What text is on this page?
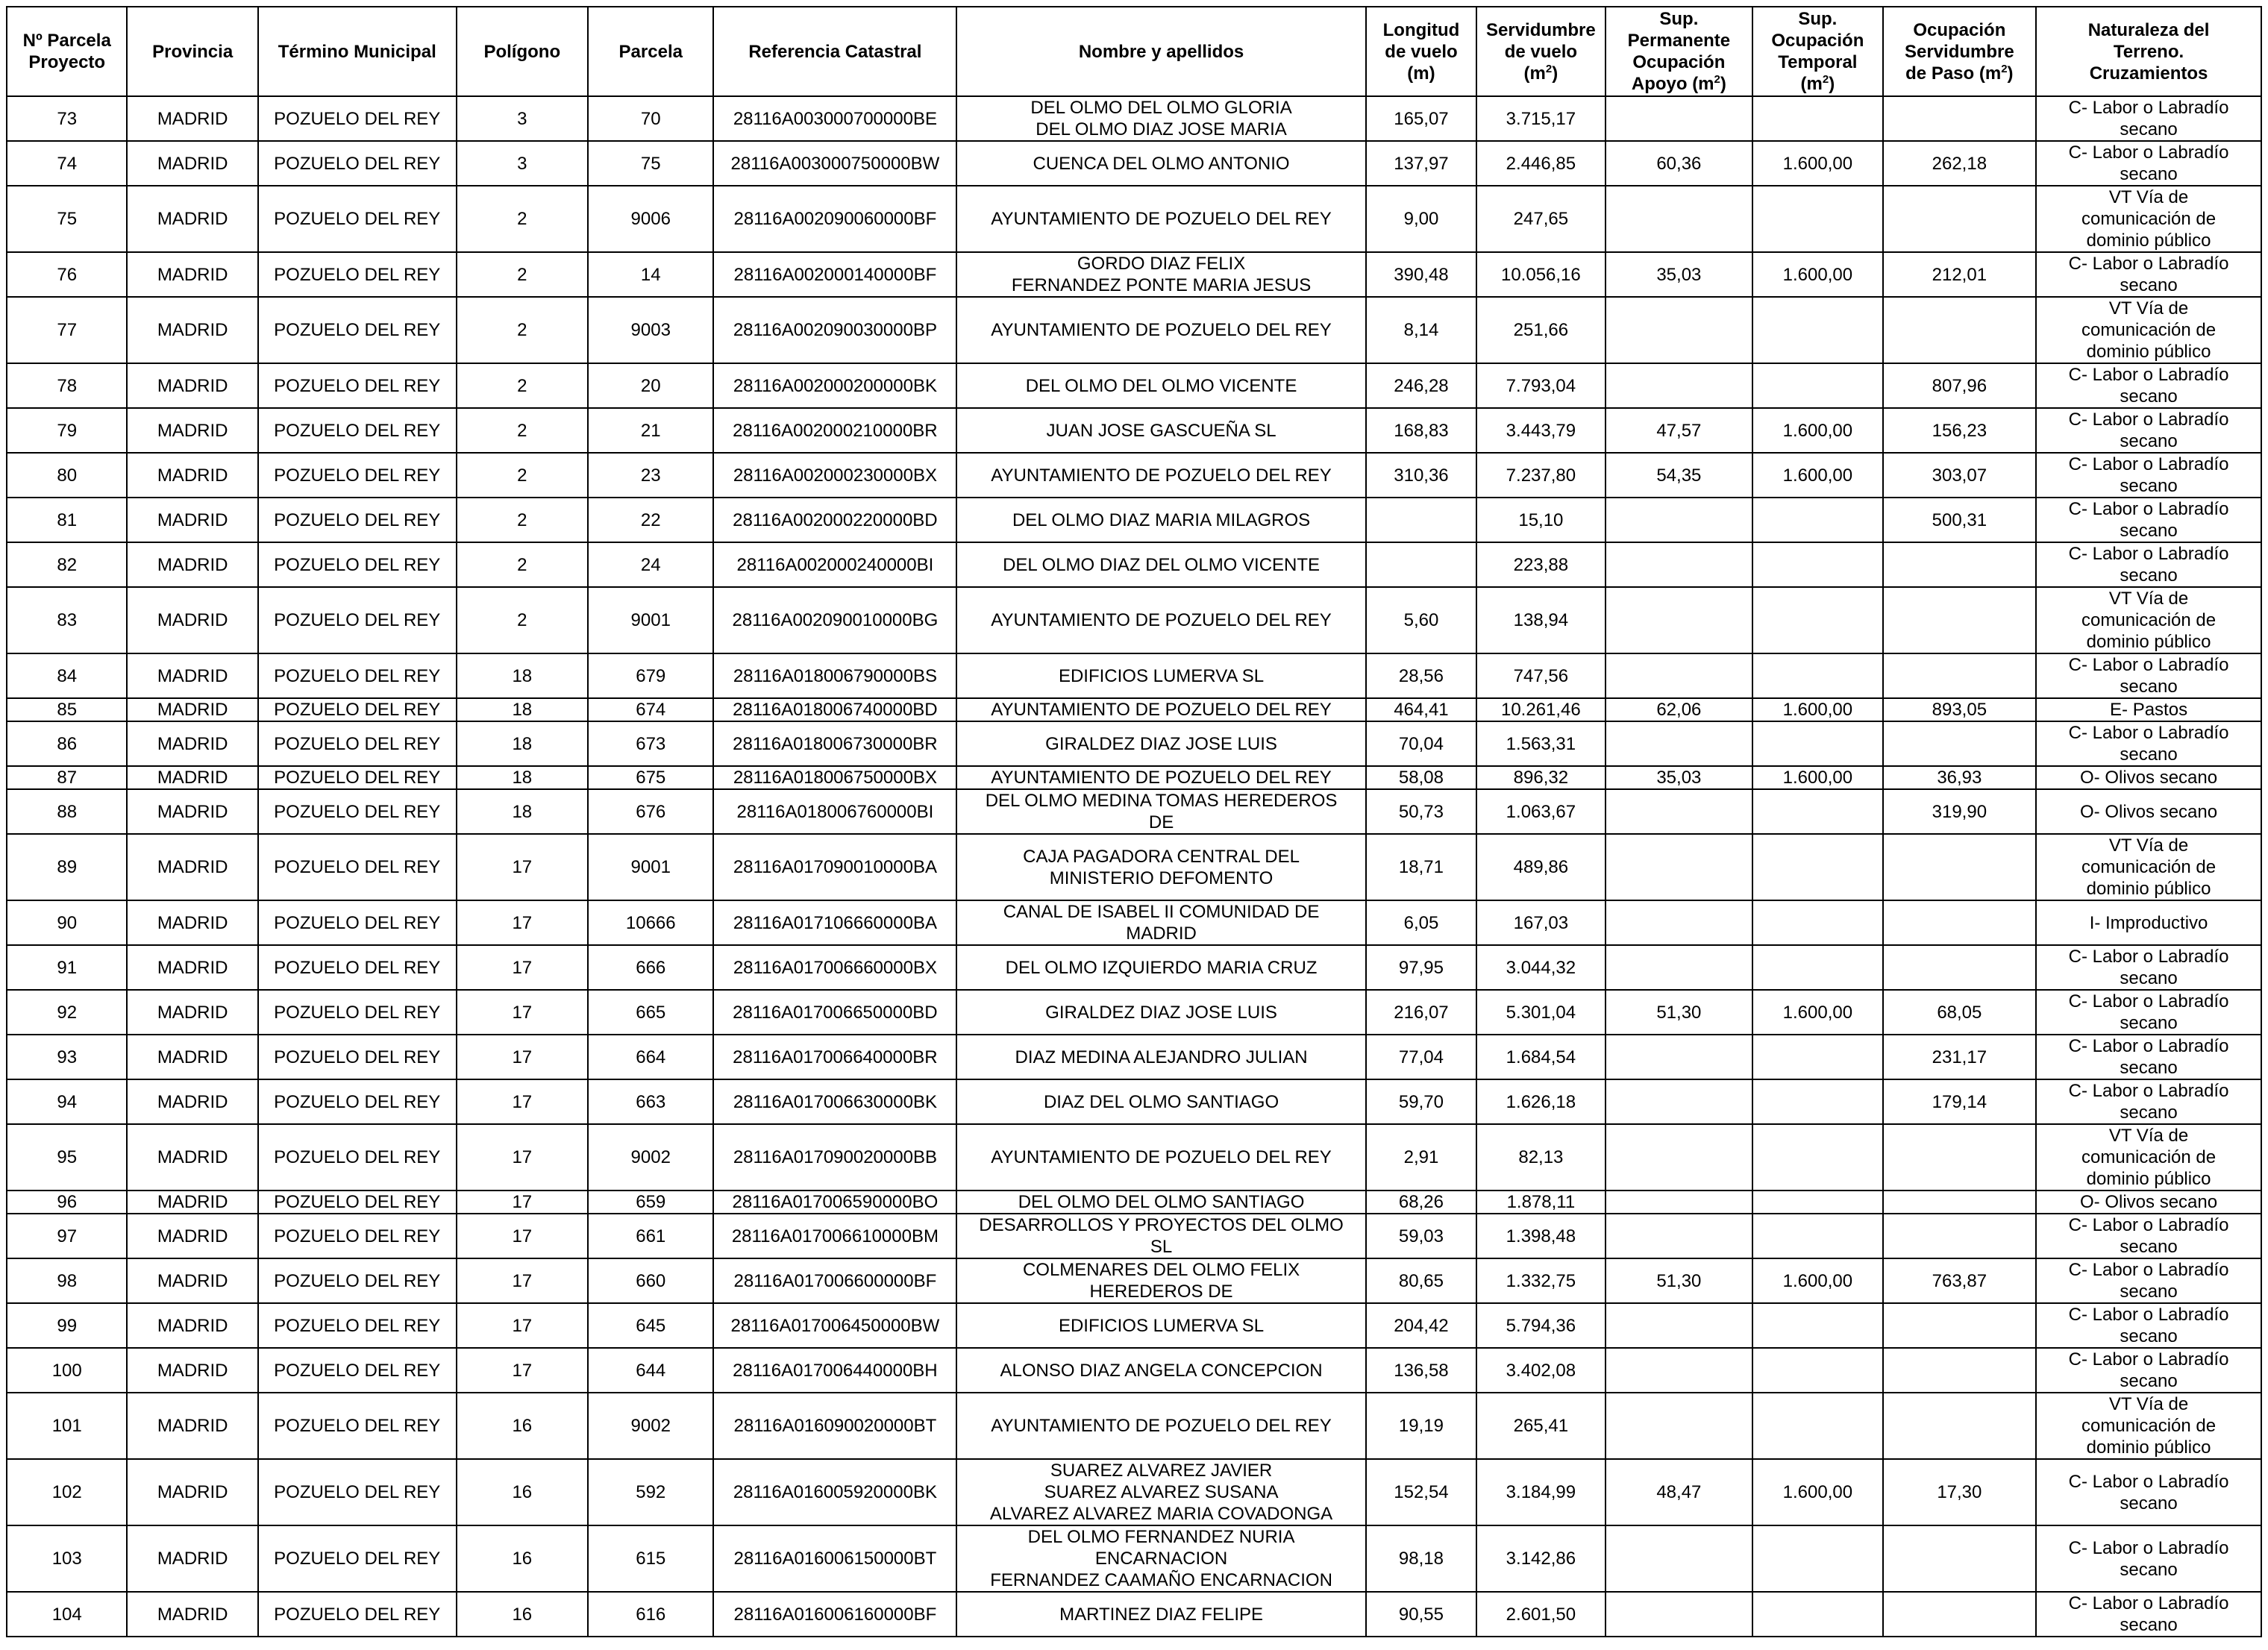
Nº Parcela
Proyecto	Provincia	Término Municipal	Polígono	Parcela	Referencia Catastral	Nombre y apellidos	Longitud
de vuelo
(m)	Servidumbre
de vuelo
$(m^2)$	Sup.
Permanente
Ocupación
Apoyo $(m^2)$	Sup.
Ocupación
Temporal
$(m^2)$	Ocupación
Servidumbre
de Paso $(m^2)$	Naturaleza del
Terreno.
Cruzamientos
73	MADRID	POZUELO DEL REY	3	70	28116A003000700000BE	DEL OLMO DEL OLMO GLORIA
DEL OLMO DIAZ JOSE MARIA	165,07	3.715,17				C- Labor o Labradío
secano
74	MADRID	POZUELO DEL REY	3	75	28116A003000750000BW	CUENCA DEL OLMO ANTONIO	137,97	2.446,85	60,36	1.600,00	262,18	C- Labor o Labradío
secano
75	MADRID	POZUELO DEL REY	2	9006	28116A002090060000BF	AYUNTAMIENTO DE POZUELO DEL REY	9,00	247,65				VT Vía de
comunicación de
dominio público
76	MADRID	POZUELO DEL REY	2	14	28116A002000140000BF	GORDO DIAZ FELIX
FERNANDEZ PONTE MARIA JESUS	390,48	10.056,16	35,03	1.600,00	212,01	C- Labor o Labradío
secano
77	MADRID	POZUELO DEL REY	2	9003	28116A002090030000BP	AYUNTAMIENTO DE POZUELO DEL REY	8,14	251,66				VT Vía de
comunicación de
dominio público
78	MADRID	POZUELO DEL REY	2	20	28116A002000200000BK	DEL OLMO DEL OLMO VICENTE	246,28	7.793,04			807,96	C- Labor o Labradío
secano
79	MADRID	POZUELO DEL REY	2	21	28116A002000210000BR	JUAN JOSE GASCUEÑA SL	168,83	3.443,79	47,57	1.600,00	156,23	C- Labor o Labradío
secano
80	MADRID	POZUELO DEL REY	2	23	28116A002000230000BX	AYUNTAMIENTO DE POZUELO DEL REY	310,36	7.237,80	54,35	1.600,00	303,07	C- Labor o Labradío
secano
81	MADRID	POZUELO DEL REY	2	22	28116A002000220000BD	DEL OLMO DIAZ MARIA MILAGROS		15,10			500,31	C- Labor o Labradío
secano
82	MADRID	POZUELO DEL REY	2	24	28116A002000240000BI	DEL OLMO DIAZ DEL OLMO VICENTE		223,88				C- Labor o Labradío
secano
83	MADRID	POZUELO DEL REY	2	9001	28116A002090010000BG	AYUNTAMIENTO DE POZUELO DEL REY	5,60	138,94				VT Vía de
comunicación de
dominio público
84	MADRID	POZUELO DEL REY	18	679	28116A018006790000BS	EDIFICIOS LUMERVA SL	28,56	747,56				C- Labor o Labradío
secano
85	MADRID	POZUELO DEL REY	18	674	28116A018006740000BD	AYUNTAMIENTO DE POZUELO DEL REY	464,41	10.261,46	62,06	1.600,00	893,05	E- Pastos
86	MADRID	POZUELO DEL REY	18	673	28116A018006730000BR	GIRALDEZ DIAZ JOSE LUIS	70,04	1.563,31				C- Labor o Labradío
secano
87	MADRID	POZUELO DEL REY	18	675	28116A018006750000BX	AYUNTAMIENTO DE POZUELO DEL REY	58,08	896,32	35,03	1.600,00	36,93	O- Olivos secano
88	MADRID	POZUELO DEL REY	18	676	28116A018006760000BI	DEL OLMO MEDINA TOMAS HEREDEROS
DE	50,73	1.063,67			319,90	O- Olivos secano
89	MADRID	POZUELO DEL REY	17	9001	28116A017090010000BA	CAJA PAGADORA CENTRAL DEL
MINISTERIO DEFOMENTO	18,71	489,86				VT Vía de
comunicación de
dominio público
90	MADRID	POZUELO DEL REY	17	10666	28116A017106660000BA	CANAL DE ISABEL II COMUNIDAD DE
MADRID	6,05	167,03				I- Improductivo
91	MADRID	POZUELO DEL REY	17	666	28116A017006660000BX	DEL OLMO IZQUIERDO MARIA CRUZ	97,95	3.044,32				C- Labor o Labradío
secano
92	MADRID	POZUELO DEL REY	17	665	28116A017006650000BD	GIRALDEZ DIAZ JOSE LUIS	216,07	5.301,04	51,30	1.600,00	68,05	C- Labor o Labradío
secano
93	MADRID	POZUELO DEL REY	17	664	28116A017006640000BR	DIAZ MEDINA ALEJANDRO JULIAN	77,04	1.684,54			231,17	C- Labor o Labradío
secano
94	MADRID	POZUELO DEL REY	17	663	28116A017006630000BK	DIAZ DEL OLMO SANTIAGO	59,70	1.626,18			179,14	C- Labor o Labradío
secano
95	MADRID	POZUELO DEL REY	17	9002	28116A017090020000BB	AYUNTAMIENTO DE POZUELO DEL REY	2,91	82,13				VT Vía de
comunicación de
dominio público
96	MADRID	POZUELO DEL REY	17	659	28116A017006590000BO	DEL OLMO DEL OLMO SANTIAGO	68,26	1.878,11				O- Olivos secano
97	MADRID	POZUELO DEL REY	17	661	28116A017006610000BM	DESARROLLOS Y PROYECTOS DEL OLMO
SL	59,03	1.398,48				C- Labor o Labradío
secano
98	MADRID	POZUELO DEL REY	17	660	28116A017006600000BF	COLMENARES DEL OLMO FELIX
HEREDEROS DE	80,65	1.332,75	51,30	1.600,00	763,87	C- Labor o Labradío
secano
99	MADRID	POZUELO DEL REY	17	645	28116A017006450000BW	EDIFICIOS LUMERVA SL	204,42	5.794,36				C- Labor o Labradío
secano
100	MADRID	POZUELO DEL REY	17	644	28116A017006440000BH	ALONSO DIAZ ANGELA CONCEPCION	136,58	3.402,08				C- Labor o Labradío
secano
101	MADRID	POZUELO DEL REY	16	9002	28116A016090020000BT	AYUNTAMIENTO DE POZUELO DEL REY	19,19	265,41				VT Vía de
comunicación de
dominio público
102	MADRID	POZUELO DEL REY	16	592	28116A016005920000BK	SUAREZ ALVAREZ JAVIER
SUAREZ ALVAREZ SUSANA
ALVAREZ ALVAREZ MARIA COVADONGA	152,54	3.184,99	48,47	1.600,00	17,30	C- Labor o Labradío
secano
103	MADRID	POZUELO DEL REY	16	615	28116A016006150000BT	DEL OLMO FERNANDEZ NURIA
ENCARNACION
FERNANDEZ CAAMAÑO ENCARNACION	98,18	3.142,86				C- Labor o Labradío
secano
104	MADRID	POZUELO DEL REY	16	616	28116A016006160000BF	MARTINEZ DIAZ FELIPE	90,55	2.601,50				C- Labor o Labradío
secano
